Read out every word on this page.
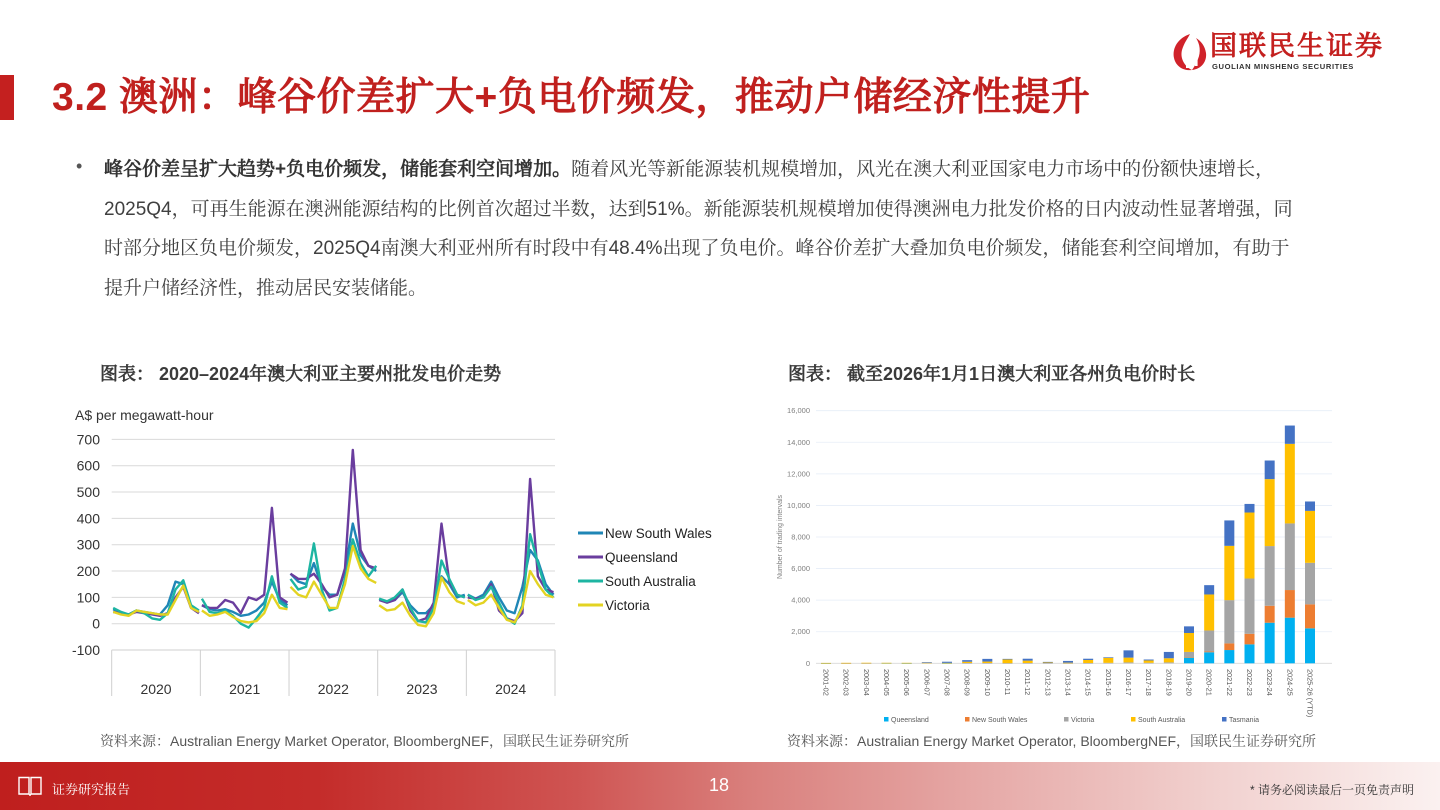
3.2 澳洲：峰谷价差扩大+负电价频发，推动户储经济性提升
国联民生证券
GUOLIAN MINSHENG SECURITIES
• 峰谷价差呈扩大趋势+负电价频发，储能套利空间增加。随着风光等新能源装机规模增加，风光在澳大利亚国家电力市场中的份额快速增长，
2025Q4，可再生能源在澳洲能源结构的比例首次超过半数，达到51%。新能源装机规模增加使得澳洲电力批发价格的日内波动性显著增强，同
时部分地区负电价频发，2025Q4南澳大利亚州所有时段中有48.4%出现了负电价。峰谷价差扩大叠加负电价频发，储能套利空间增加，有助于
提升户储经济性，推动居民安装储能。
图表： 2020–2024年澳大利亚主要州批发电价走势	图表： 截至2026年1月1日澳大利亚各州负电价时长
A$ per megawatt-hour
700
600
500
400
300
200
100
0
-100
2020	2021	2022	2023	2024
New South Wales
Queensland
South Australia
Victoria
0
2,000
4,000
6,000
8,000
10,000
12,000
14,000
16,000
Number of trading intervals
2001-02 2002-03 2003-04 2004-05 2005-06 2006-07 2007-08 2008-09 2009-10 2010-11 2011-12 2012-13 2013-14 2014-15 2015-16 2016-17 2017-18 2018-19 2019-20 2020-21 2021-22 2022-23 2023-24 2024-25 2025-26 (YTD)
Queensland	New South Wales	Victoria	South Australia	Tasmania
资料来源：Australian Energy Market Operator, BloombergNEF，国联民生证券研究所	资料来源：Australian Energy Market Operator, BloombergNEF，国联民生证券研究所
证券研究报告	18	* 请务必阅读最后一页免责声明
